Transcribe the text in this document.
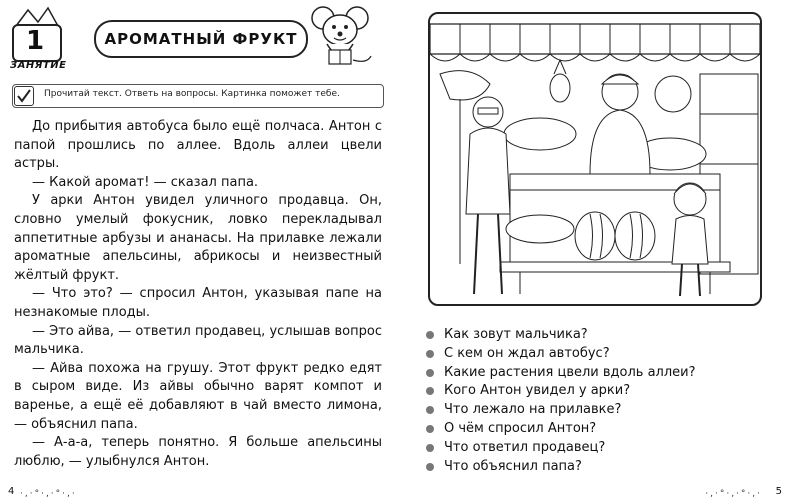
1
ЗАНЯТИЕ
АРОМАТНЫЙ ФРУКТ
Прочитай текст. Ответь на вопросы. Картинка поможет тебе.

До прибытия автобуса было ещё полчаса. Антон с папой прошлись по аллее. Вдоль аллеи цвели астры.

— Какой аромат! — сказал папа.

У арки Антон увидел уличного продавца. Он, словно умелый фокусник, ловко перекладывал аппетитные арбузы и ананасы. На прилавке лежали ароматные апельсины, абрикосы и неизвестный жёлтый фрукт.

— Что это? — спросил Антон, указывая папе на незнакомые плоды.

— Это айва, — ответил продавец, услышав вопрос мальчика.

— Айва похожа на грушу. Этот фрукт редко едят в сыром виде. Из айвы обычно варят компот и варенье, а ещё её добавляют в чай вместо лимона, — объяснил папа.

— А-а-а, теперь понятно. Я больше апельсины люблю, — улыбнулся Антон.

4 ·,·°·,·°·,·
Как зовут мальчика?
С кем он ждал автобус?
Какие растения цвели вдоль аллеи?
Кого Антон увидел у арки?
Что лежало на прилавке?
О чём спросил Антон?
Что ответил продавец?
Что объяснил папа?
·,·°·,·°·,· 5
